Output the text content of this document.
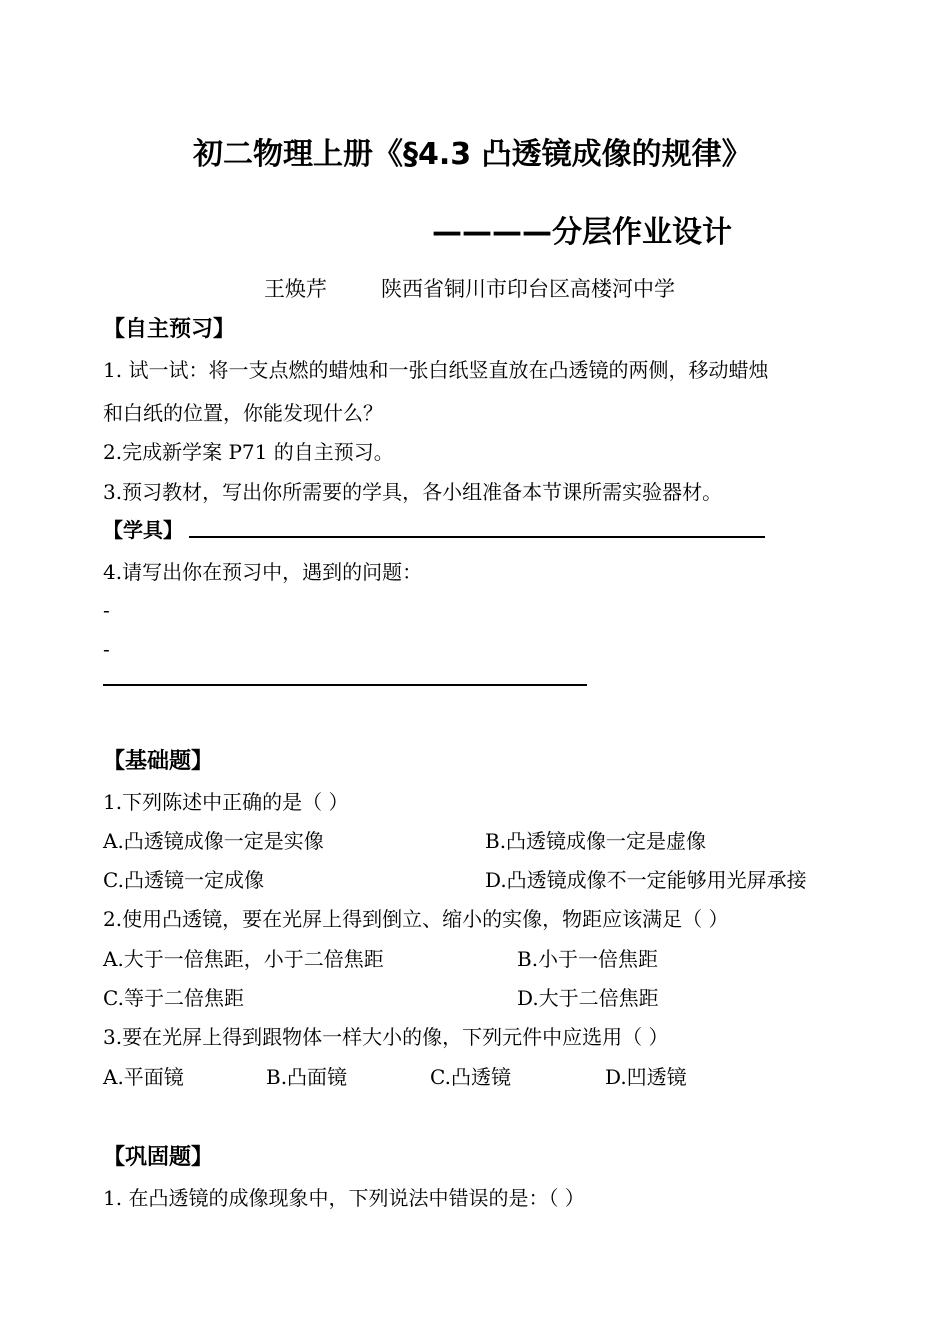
初二物理上册《§4.3 凸透镜成像的规律》
————分层作业设计
王焕芹	陕西省铜川市印台区高楼河中学
【自主预习】
1. 试一试：将一支点燃的蜡烛和一张白纸竖直放在凸透镜的两侧，移动蜡烛
和白纸的位置，你能发现什么？
2.完成新学案 P71 的自主预习。
3.预习教材，写出你所需要的学具，各小组准备本节课所需实验器材。
【学具】
4.请写出你在预习中，遇到的问题：
-
-
【基础题】
1.下列陈述中正确的是（ ）
A.凸透镜成像一定是实像	B.凸透镜成像一定是虚像
C.凸透镜一定成像	D.凸透镜成像不一定能够用光屏承接
2.使用凸透镜，要在光屏上得到倒立、缩小的实像，物距应该满足（ ）
A.大于一倍焦距，小于二倍焦距	B.小于一倍焦距
C.等于二倍焦距	D.大于二倍焦距
3.要在光屏上得到跟物体一样大小的像，下列元件中应选用（ ）
A.平面镜	B.凸面镜	C.凸透镜	D.凹透镜
【巩固题】
1. 在凸透镜的成像现象中，下列说法中错误的是：（ ）
